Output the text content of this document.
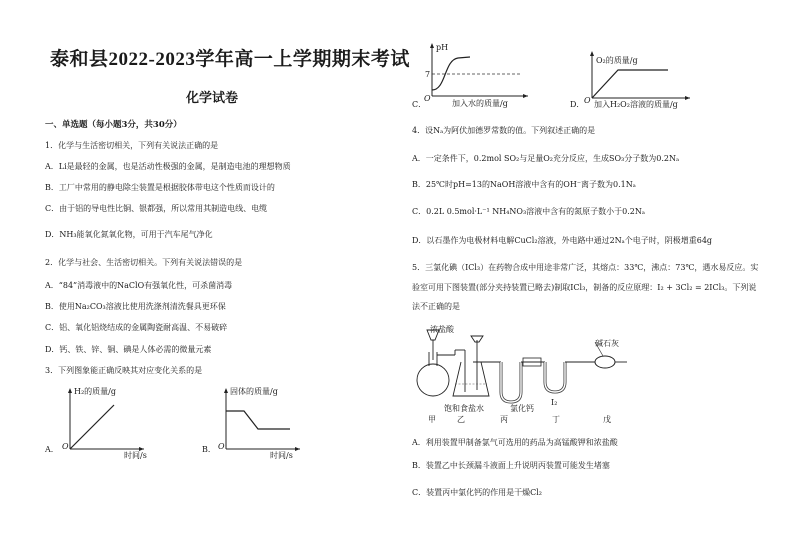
泰和县2022-2023学年高一上学期期末考试
化学试卷
一、单选题（每小题3分，共30分）
1．化学与生活密切相关，下列有关说法正确的是
A．Li是最轻的金属，也是活动性极强的金属，是制造电池的理想物质
B．工厂中常用的静电除尘装置是根据胶体带电这个性质而设计的
C．由于铝的导电性比铜、银都强，所以常用其制造电线、电缆
D．NH₃能氧化氮氧化物，可用于汽车尾气净化
2．化学与社会、生活密切相关。下列有关说法错误的是
A．“84”消毒液中的NaClO有强氧化性，可杀菌消毒
B．使用Na₂CO₃溶液比使用洗涤剂清洗餐具更环保
C．铝、氧化铝烧结成的金属陶瓷耐高温、不易破碎
D．钙、铁、锌、铜、碘是人体必需的微量元素
3．下列图象能正确反映其对应变化关系的是
A．
H₂的质量/g
时间/s
O	B．
固体的质量/g
时间/s
O
C．
pH
7
O
加入水的质量/g	D．
O₂的质量/g
O 加入H₂O₂溶液的质量/g
4．设Nₐ为阿伏加德罗常数的值。下列叙述正确的是
A．一定条件下，0.2mol SO₂与足量O₂充分反应，生成SO₃分子数为0.2Nₐ
B．25℃时pH=13的NaOH溶液中含有的OH⁻离子数为0.1Nₐ
C．0.2L 0.5mol·L⁻¹ NH₄NO₃溶液中含有的氮原子数小于0.2Nₐ
D．以石墨作为电极材料电解CuCl₂溶液，外电路中通过2Nₐ个电子时，阴极增重64g
5．三氯化碘（ICl₃）在药物合成中用途非常广泛，其熔点：33℃，沸点：73℃，遇水易反应。实
验室可用下图装置(部分夹持装置已略去)制取ICl₃，制备的反应原理：I₂ + 3Cl₂ = 2ICl₃。下列说
法不正确的是
浓盐酸
碱石灰
饱和食盐水	氯化钙
I₂
甲	乙	丙	丁	戊
A．利用装置甲制备氯气可选用的药品为高锰酸钾和浓盐酸
B．装置乙中长颈漏斗液面上升说明丙装置可能发生堵塞
C．装置丙中氯化钙的作用是干燥Cl₂
